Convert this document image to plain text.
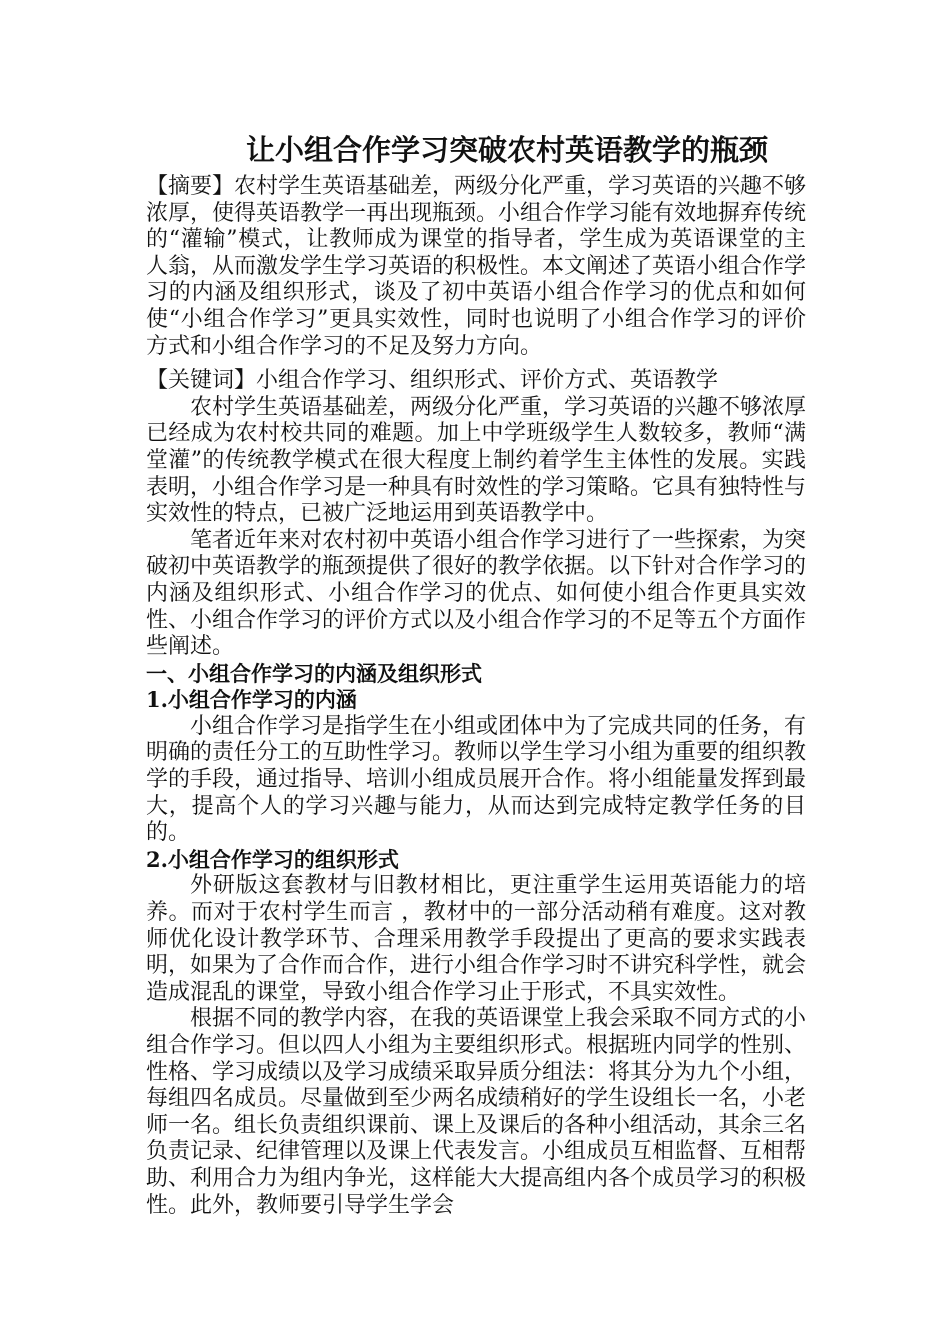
让小组合作学习突破农村英语教学的瓶颈

【摘要】农村学生英语基础差，两级分化严重，学习英语的兴趣不够浓厚，使得英语教学一再出现瓶颈。小组合作学习能有效地摒弃传统的“灌输”模式，让教师成为课堂的指导者，学生成为英语课堂的主人翁，从而激发学生学习英语的积极性。本文阐述了英语小组合作学习的内涵及组织形式，谈及了初中英语小组合作学习的优点和如何使“小组合作学习”更具实效性，同时也说明了小组合作学习的评价方式和小组合作学习的不足及努力方向。

【关键词】小组合作学习、组织形式、评价方式、英语教学

农村学生英语基础差，两级分化严重，学习英语的兴趣不够浓厚已经成为农村校共同的难题。加上中学班级学生人数较多，教师“满堂灌”的传统教学模式在很大程度上制约着学生主体性的发展。实践表明，小组合作学习是一种具有时效性的学习策略。它具有独特性与实效性的特点，已被广泛地运用到英语教学中。

笔者近年来对农村初中英语小组合作学习进行了一些探索，为突破初中英语教学的瓶颈提供了很好的教学依据。以下针对合作学习的内涵及组织形式、小组合作学习的优点、如何使小组合作更具实效性、小组合作学习的评价方式以及小组合作学习的不足等五个方面作些阐述。

一、小组合作学习的内涵及组织形式
1.小组合作学习的内涵

小组合作学习是指学生在小组或团体中为了完成共同的任务，有明确的责任分工的互助性学习。教师以学生学习小组为重要的组织教学的手段，通过指导、培训小组成员展开合作。将小组能量发挥到最大，提高个人的学习兴趣与能力，从而达到完成特定教学任务的目的。

2.小组合作学习的组织形式

外研版这套教材与旧教材相比，更注重学生运用英语能力的培养。而对于农村学生而言 ，教材中的一部分活动稍有难度。这对教师优化设计教学环节、合理采用教学手段提出了更高的要求实践表明，如果为了合作而合作，进行小组合作学习时不讲究科学性，就会造成混乱的课堂，导致小组合作学习止于形式，不具实效性。

根据不同的教学内容，在我的英语课堂上我会采取不同方式的小组合作学习。但以四人小组为主要组织形式。根据班内同学的性别、性格、学习成绩以及学习成绩采取异质分组法：将其分为九个小组，每组四名成员。尽量做到至少两名成绩稍好的学生设组长一名，小老师一名。组长负责组织课前、课上及课后的各种小组活动，其余三名负责记录、纪律管理以及课上代表发言。小组成员互相监督、互相帮助、利用合力为组内争光，这样能大大提高组内各个成员学习的积极性。此外，教师要引导学生学会
